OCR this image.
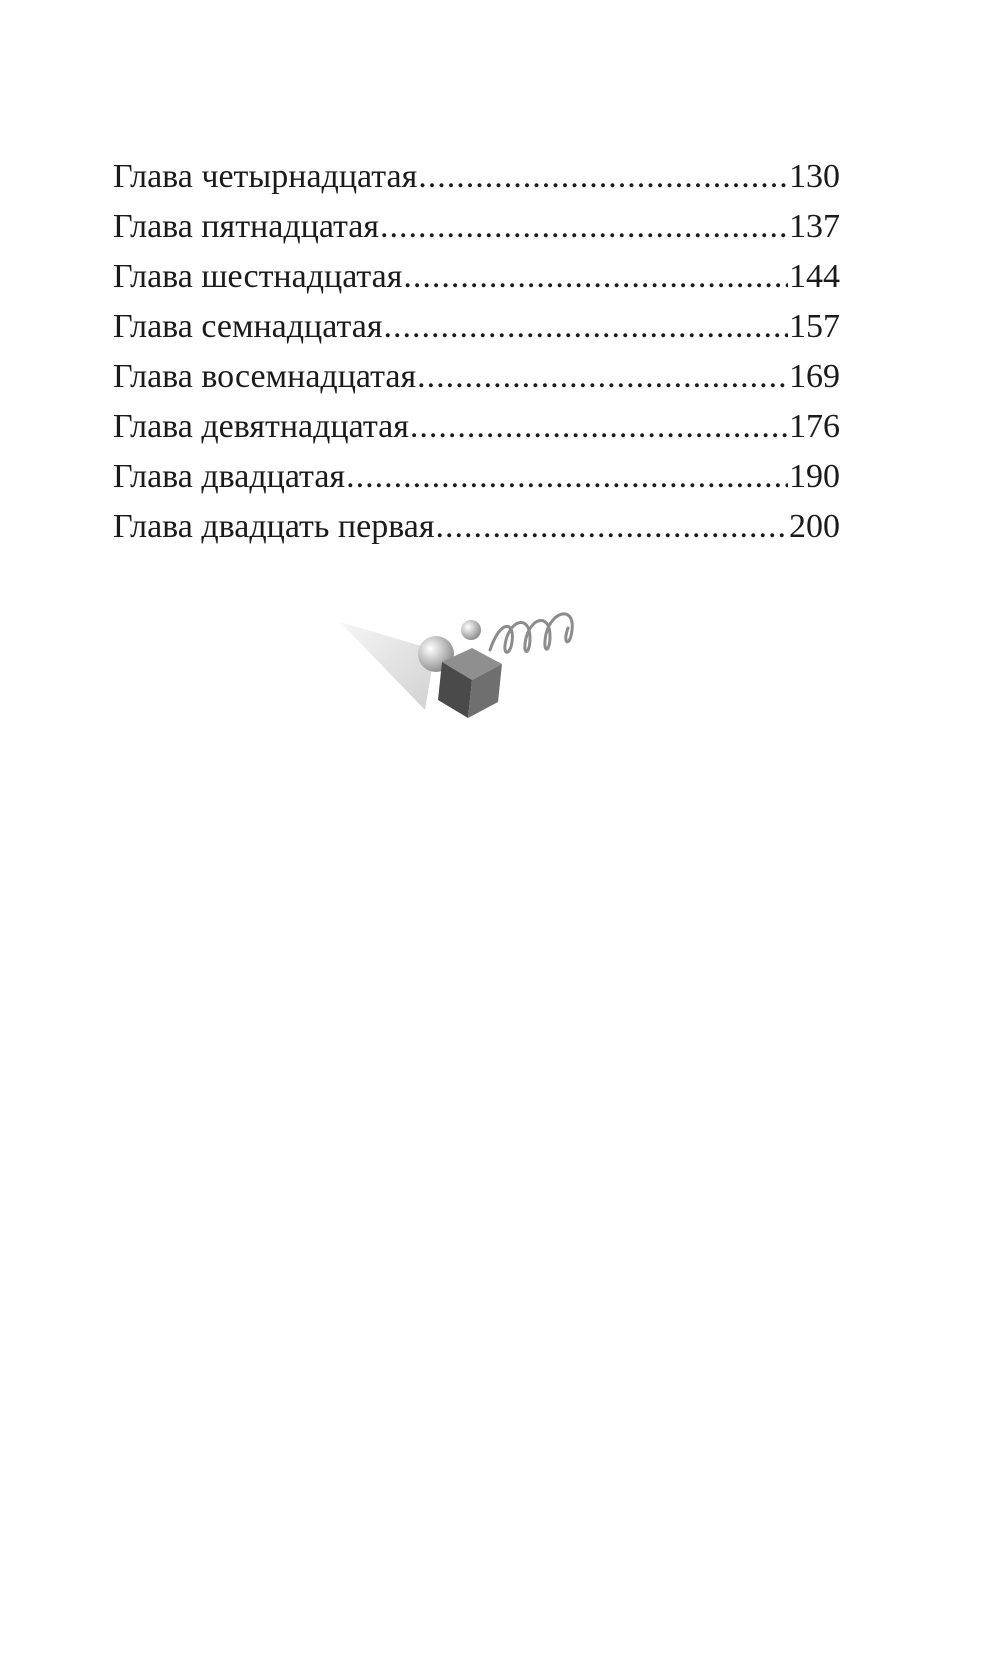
Глава четырнадцатая .....	130
Глава пятнадцатая .....	137
Глава шестнадцатая .....	144
Глава семнадцатая .....	157
Глава восемнадцатая .....	169
Глава девятнадцатая .....	176
Глава двадцатая .....	190
Глава двадцать первая .....	200
